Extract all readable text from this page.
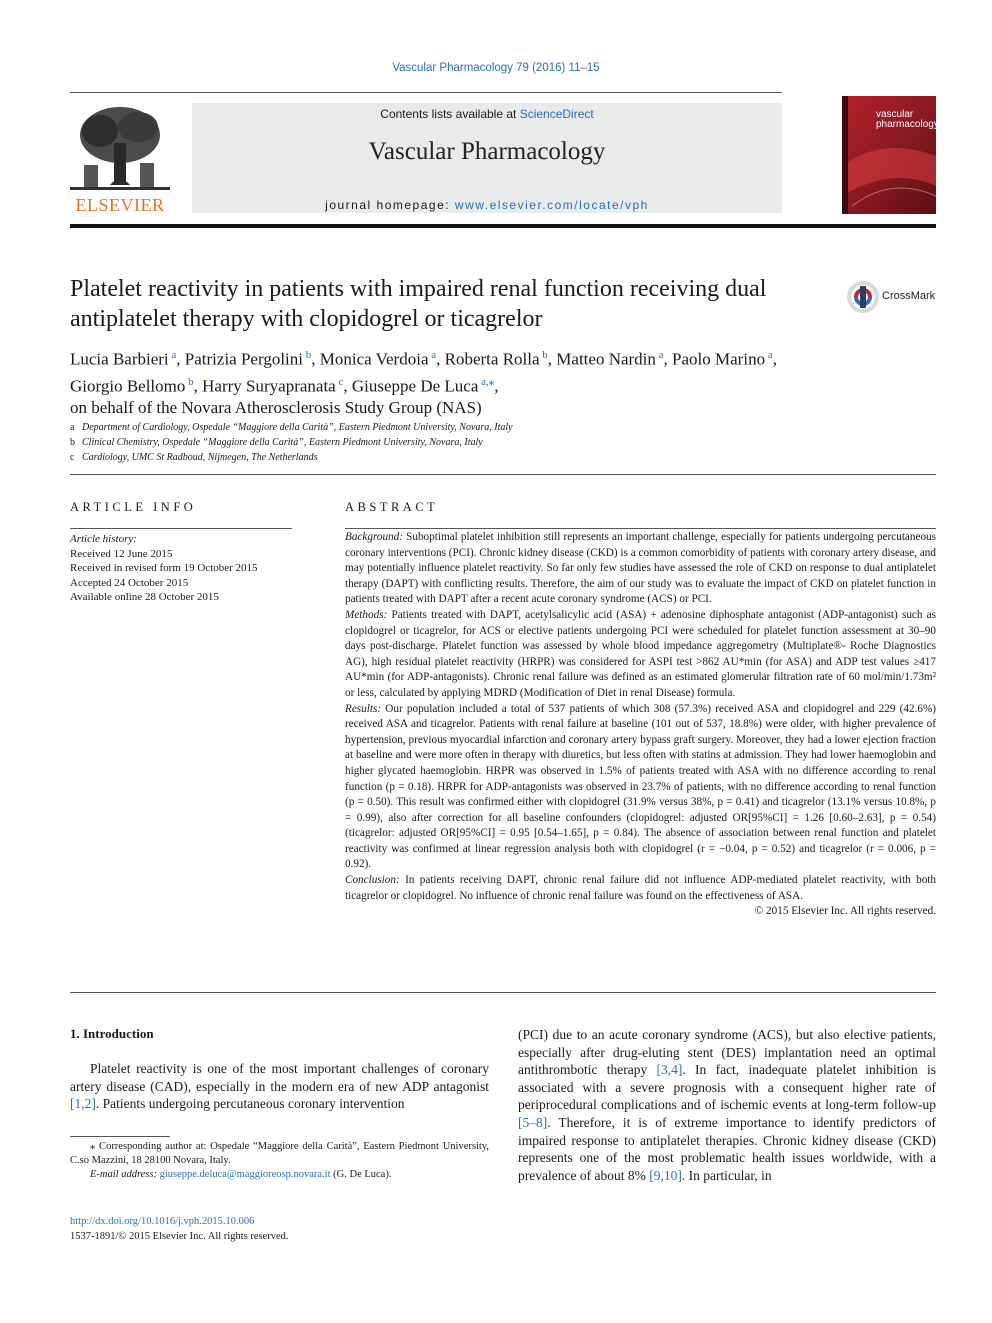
Vascular Pharmacology 79 (2016) 11–15
ELSEVIER
Contents lists available at ScienceDirect
Vascular Pharmacology
journal homepage: www.elsevier.com/locate/vph
vascular pharmacology
Platelet reactivity in patients with impaired renal function receiving dual antiplatelet therapy with clopidogrel or ticagrelor
CrossMark
Lucia Barbieri $^a$, Patrizia Pergolini $^b$, Monica Verdoia $^a$, Roberta Rolla $^b$, Matteo Nardin $^a$, Paolo Marino $^a$,
Giorgio Bellomo $^b$, Harry Suryapranata $^c$, Giuseppe De Luca $^{a,⁎}$,
on behalf of the Novara Atherosclerosis Study Group (NAS)
a Department of Cardiology, Ospedale “Maggiore della Carità”, Eastern Piedmont University, Novara, Italy
b Clinical Chemistry, Ospedale “Maggiore della Carità”, Eastern Piedmont University, Novara, Italy
c Cardiology, UMC St Radboud, Nijmegen, The Netherlands
ARTICLE INFO
Article history:
Received 12 June 2015
Received in revised form 19 October 2015
Accepted 24 October 2015
Available online 28 October 2015
ABSTRACT

Background: Suboptimal platelet inhibition still represents an important challenge, especially for patients undergoing percutaneous coronary interventions (PCI). Chronic kidney disease (CKD) is a common comorbidity of patients with coronary artery disease, and may potentially influence platelet reactivity. So far only few studies have assessed the role of CKD on response to dual antiplatelet therapy (DAPT) with conflicting results. Therefore, the aim of our study was to evaluate the impact of CKD on platelet function in patients treated with DAPT after a recent acute coronary syndrome (ACS) or PCI.

Methods: Patients treated with DAPT, acetylsalicylic acid (ASA) + adenosine diphosphate antagonist (ADP-antagonist) such as clopidogrel or ticagrelor, for ACS or elective patients undergoing PCI were scheduled for platelet function assessment at 30–90 days post-discharge. Platelet function was assessed by whole blood impedance aggregometry (Multiplate®- Roche Diagnostics AG), high residual platelet reactivity (HRPR) was considered for ASPI test >862 AU*min (for ASA) and ADP test values ≥417 AU*min (for ADP-antagonists). Chronic renal failure was defined as an estimated glomerular filtration rate of 60 mol/min/1.73m² or less, calculated by applying MDRD (Modification of Diet in renal Disease) formula.

Results: Our population included a total of 537 patients of which 308 (57.3%) received ASA and clopidogrel and 229 (42.6%) received ASA and ticagrelor. Patients with renal failure at baseline (101 out of 537, 18.8%) were older, with higher prevalence of hypertension, previous myocardial infarction and coronary artery bypass graft surgery. Moreover, they had a lower ejection fraction at baseline and were more often in therapy with diuretics, but less often with statins at admission. They had lower haemoglobin and higher glycated haemoglobin. HRPR was observed in 1.5% of patients treated with ASA with no difference according to renal function (p = 0.18). HRPR for ADP-antagonists was observed in 23.7% of patients, with no difference according to renal function (p = 0.50). This result was confirmed either with clopidogrel (31.9% versus 38%, p = 0.41) and ticagrelor (13.1% versus 10.8%, p = 0.99), also after correction for all baseline confounders (clopidogrel: adjusted OR[95%CI] = 1.26 [0.60–2.63], p = 0.54) (ticagrelor: adjusted OR[95%CI] = 0.95 [0.54–1.65], p = 0.84). The absence of association between renal function and platelet reactivity was confirmed at linear regression analysis both with clopidogrel (r = −0.04, p = 0.52) and ticagrelor (r = 0.006, p = 0.92).

Conclusion: In patients receiving DAPT, chronic renal failure did not influence ADP-mediated platelet reactivity, with both ticagrelor or clopidogrel. No influence of chronic renal failure was found on the effectiveness of ASA.

© 2015 Elsevier Inc. All rights reserved.

1. Introduction
Platelet reactivity is one of the most important challenges of coronary artery disease (CAD), especially in the modern era of new ADP antagonist [1,2]. Patients undergoing percutaneous coronary intervention
(PCI) due to an acute coronary syndrome (ACS), but also elective patients, especially after drug-eluting stent (DES) implantation need an optimal antithrombotic therapy [3,4]. In fact, inadequate platelet inhibition is associated with a severe prognosis with a consequent higher rate of periprocedural complications and of ischemic events at long-term follow-up [5–8]. Therefore, it is of extreme importance to identify predictors of impaired response to antiplatelet therapies. Chronic kidney disease (CKD) represents one of the most problematic health issues worldwide, with a prevalence of about 8% [9,10]. In particular, in

⁎ Corresponding author at: Ospedale “Maggiore della Carità”, Eastern Piedmont University, C.so Mazzini, 18 28100 Novara, Italy.

E-mail address: giuseppe.deluca@maggioreosp.novara.it (G. De Luca).

http://dx.doi.org/10.1016/j.vph.2015.10.006
1537-1891/© 2015 Elsevier Inc. All rights reserved.
